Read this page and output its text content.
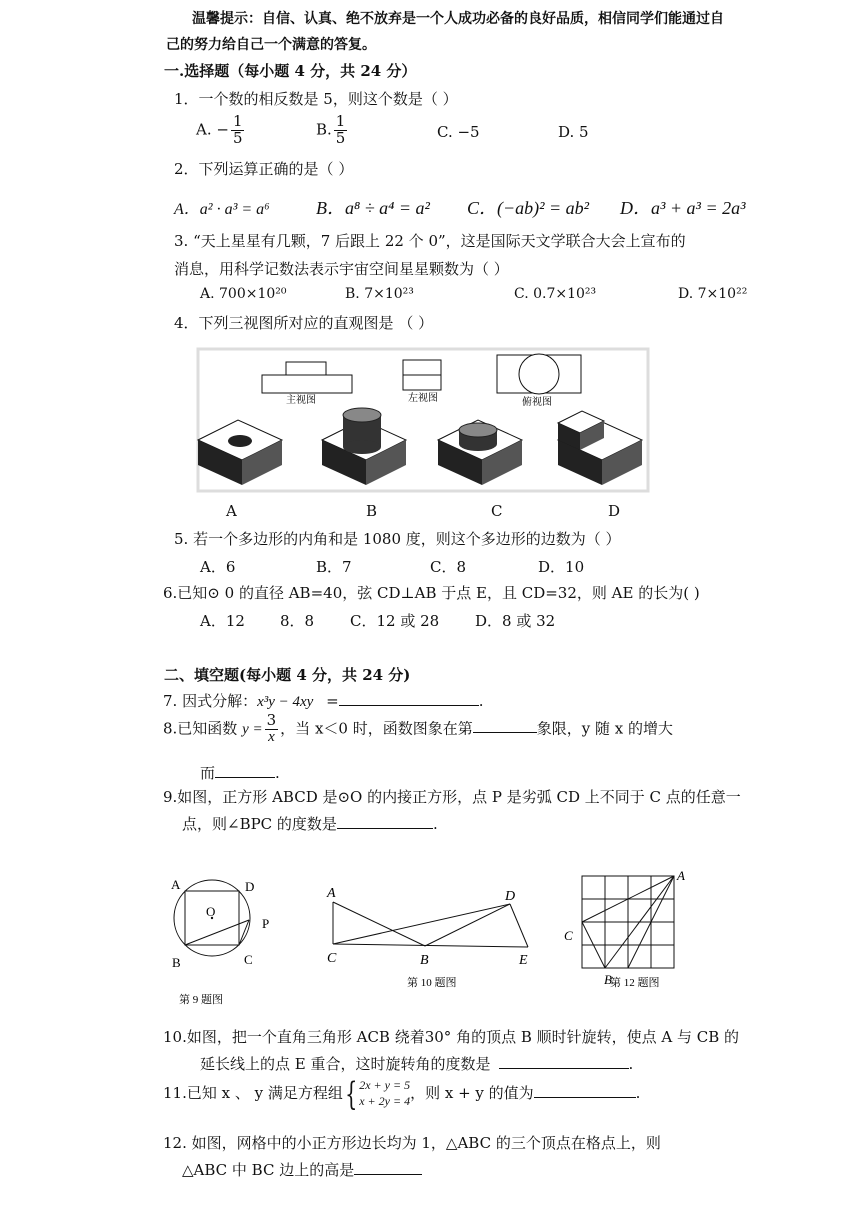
温馨提示：自信、认真、绝不放弃是一个人成功必备的良好品质，相信同学们能通过自
己的努力给自己一个满意的答复。
一.选择题（每小题 4 分，共 24 分）
1．一个数的相反数是 5，则这个数是（ ）
A. − $\frac{1}{5}$	B. $\frac{1}{5}$	C. −5	D. 5
2．下列运算正确的是（ ）
A．a² · a³ = a⁶	B．a⁸ ÷ a⁴ = a² C．(−ab)² = ab² D．a³ + a³ = 2a³
3. “天上星星有几颗，7 后跟上 22 个 0”，这是国际天文学联合大会上宣布的
消息，用科学记数法表示宇宙空间星星颗数为（ ）
A. 700×10²⁰	B. 7×10²³	C. 0.7×10²³	D. 7×10²²
4．下列三视图所对应的直观图是 （ ）
主视图	左视图	俯视图
A	B	C	D
5. 若一个多边形的内角和是 1080 度，则这个多边形的边数为（ ）
A．6	B．7	C．8	D．10
6.已知⊙ 0 的直径 AB=40，弦 CD⊥AB 于点 E，且 CD=32，则 AE 的长为( )
A．12 8．8 C．12 或 28 D．8 或 32
二、填空题(每小题 4 分，共 24 分)
7. 因式分解：x³y − 4xy =	.
8.已知函数 $y = \frac{3}{x}$ ，当 x＜0 时，函数图象在第	象限，y 随 x 的增大
而	.
9.如图，正方形 ABCD 是⊙O 的内接正方形，点 P 是劣弧 CD 上不同于 C 点的任意一
点，则∠BPC 的度数是	.
A	D
O
P
B	C
第 9 题图
A	D
C	B	E
第 10 题图
A
C
B
第 12 题图
10.如图，把一个直角三角形 ACB 绕着30° 角的顶点 B 顺时针旋转，使点 A 与 CB 的
延长线上的点 E 重合，这时旋转角的度数是	.
11.已知 x 、 y 满足方程组{ 2x + y = 5
x + 2y = 4 ，则 x + y 的值为	.
12. 如图，网格中的小正方形边长均为 1，△ABC 的三个顶点在格点上，则
△ABC 中 BC 边上的高是
